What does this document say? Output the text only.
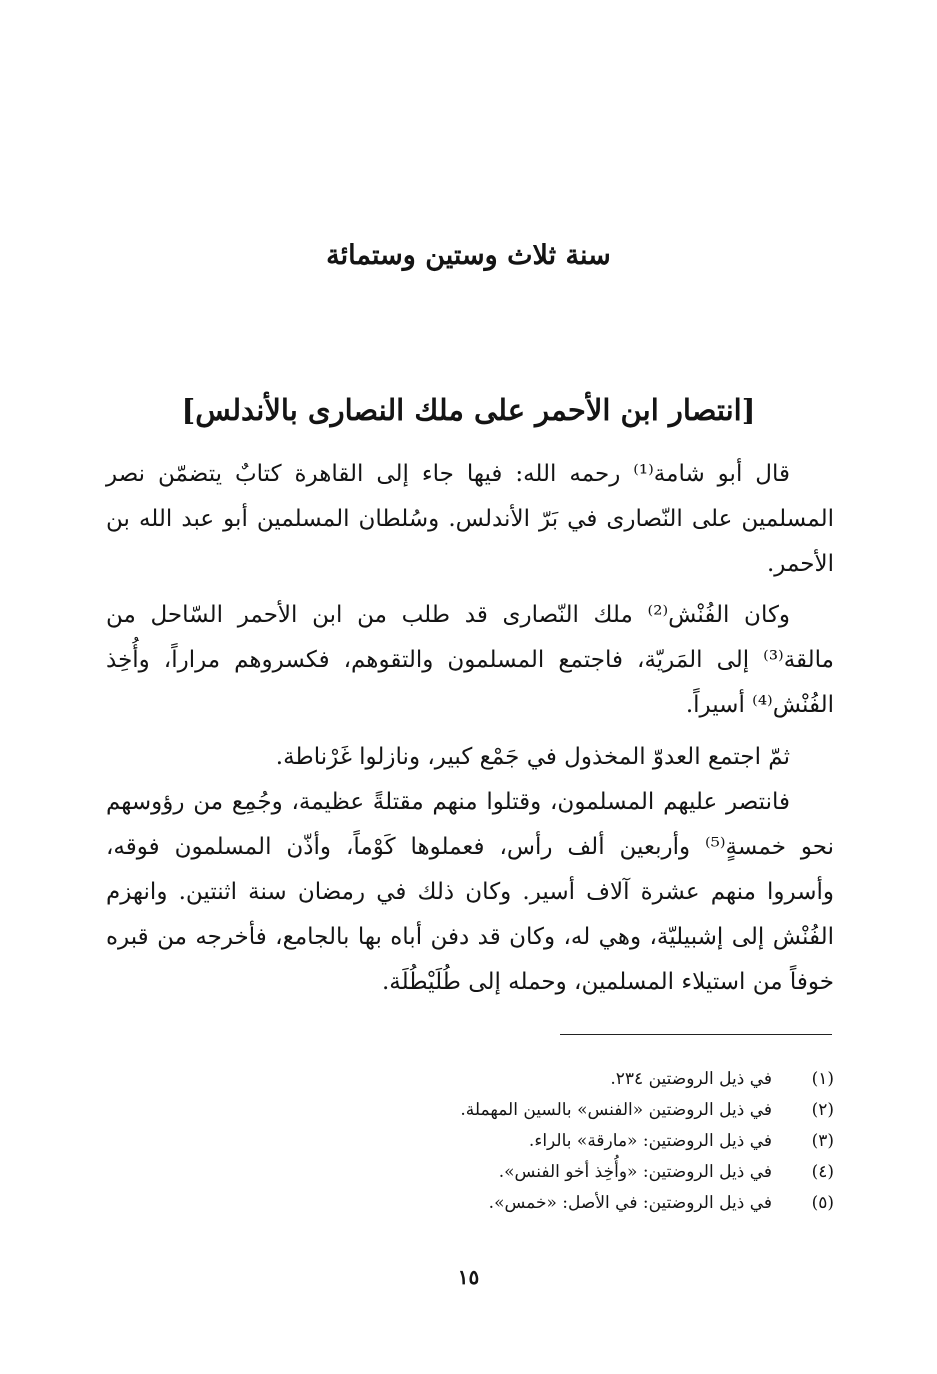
سنة ثلاث وستين وستمائة
[انتصار ابن الأحمر على ملك النصارى بالأندلس]

قال أبو شامة⁽¹⁾ رحمه الله: فيها جاء إلى القاهرة كتابٌ يتضمّن نصر المسلمين على النّصارى في بَرّ الأندلس. وسُلطان المسلمين أبو عبد الله بن الأحمر.

وكان الفُنْش⁽²⁾ ملك النّصارى قد طلب من ابن الأحمر السّاحل من مالقة⁽³⁾ إلى المَريّة، فاجتمع المسلمون والتقوهم، فكسروهم مراراً، وأُخِذ الفُنْش⁽⁴⁾ أسيراً.

ثمّ اجتمع العدوّ المخذول في جَمْع كبير، ونازلوا غَرْناطة.

فانتصر عليهم المسلمون، وقتلوا منهم مقتلةً عظيمة، وجُمِع من رؤوسهم نحو خمسةٍ⁽⁵⁾ وأربعين ألف رأس، فعملوها كَوْماً، وأذّن المسلمون فوقه، وأسروا منهم عشرة آلاف أسير. وكان ذلك في رمضان سنة اثنتين. وانهزم الفُنْش إلى إشبيليّة، وهي له، وكان قد دفن أباه بها بالجامع، فأخرجه من قبره خوفاً من استيلاء المسلمين، وحمله إلى طُلَيْطُلَة.

(١)
في ذيل الروضتين ٢٣٤.
(٢)
في ذيل الروضتين «الفنس» بالسين المهملة.
(٣)
في ذيل الروضتين: «مارقة» بالراء.
(٤)
في ذيل الروضتين: «وأُخِذ أخو الفنس».
(٥)
في ذيل الروضتين: في الأصل: «خمس».
١٥
